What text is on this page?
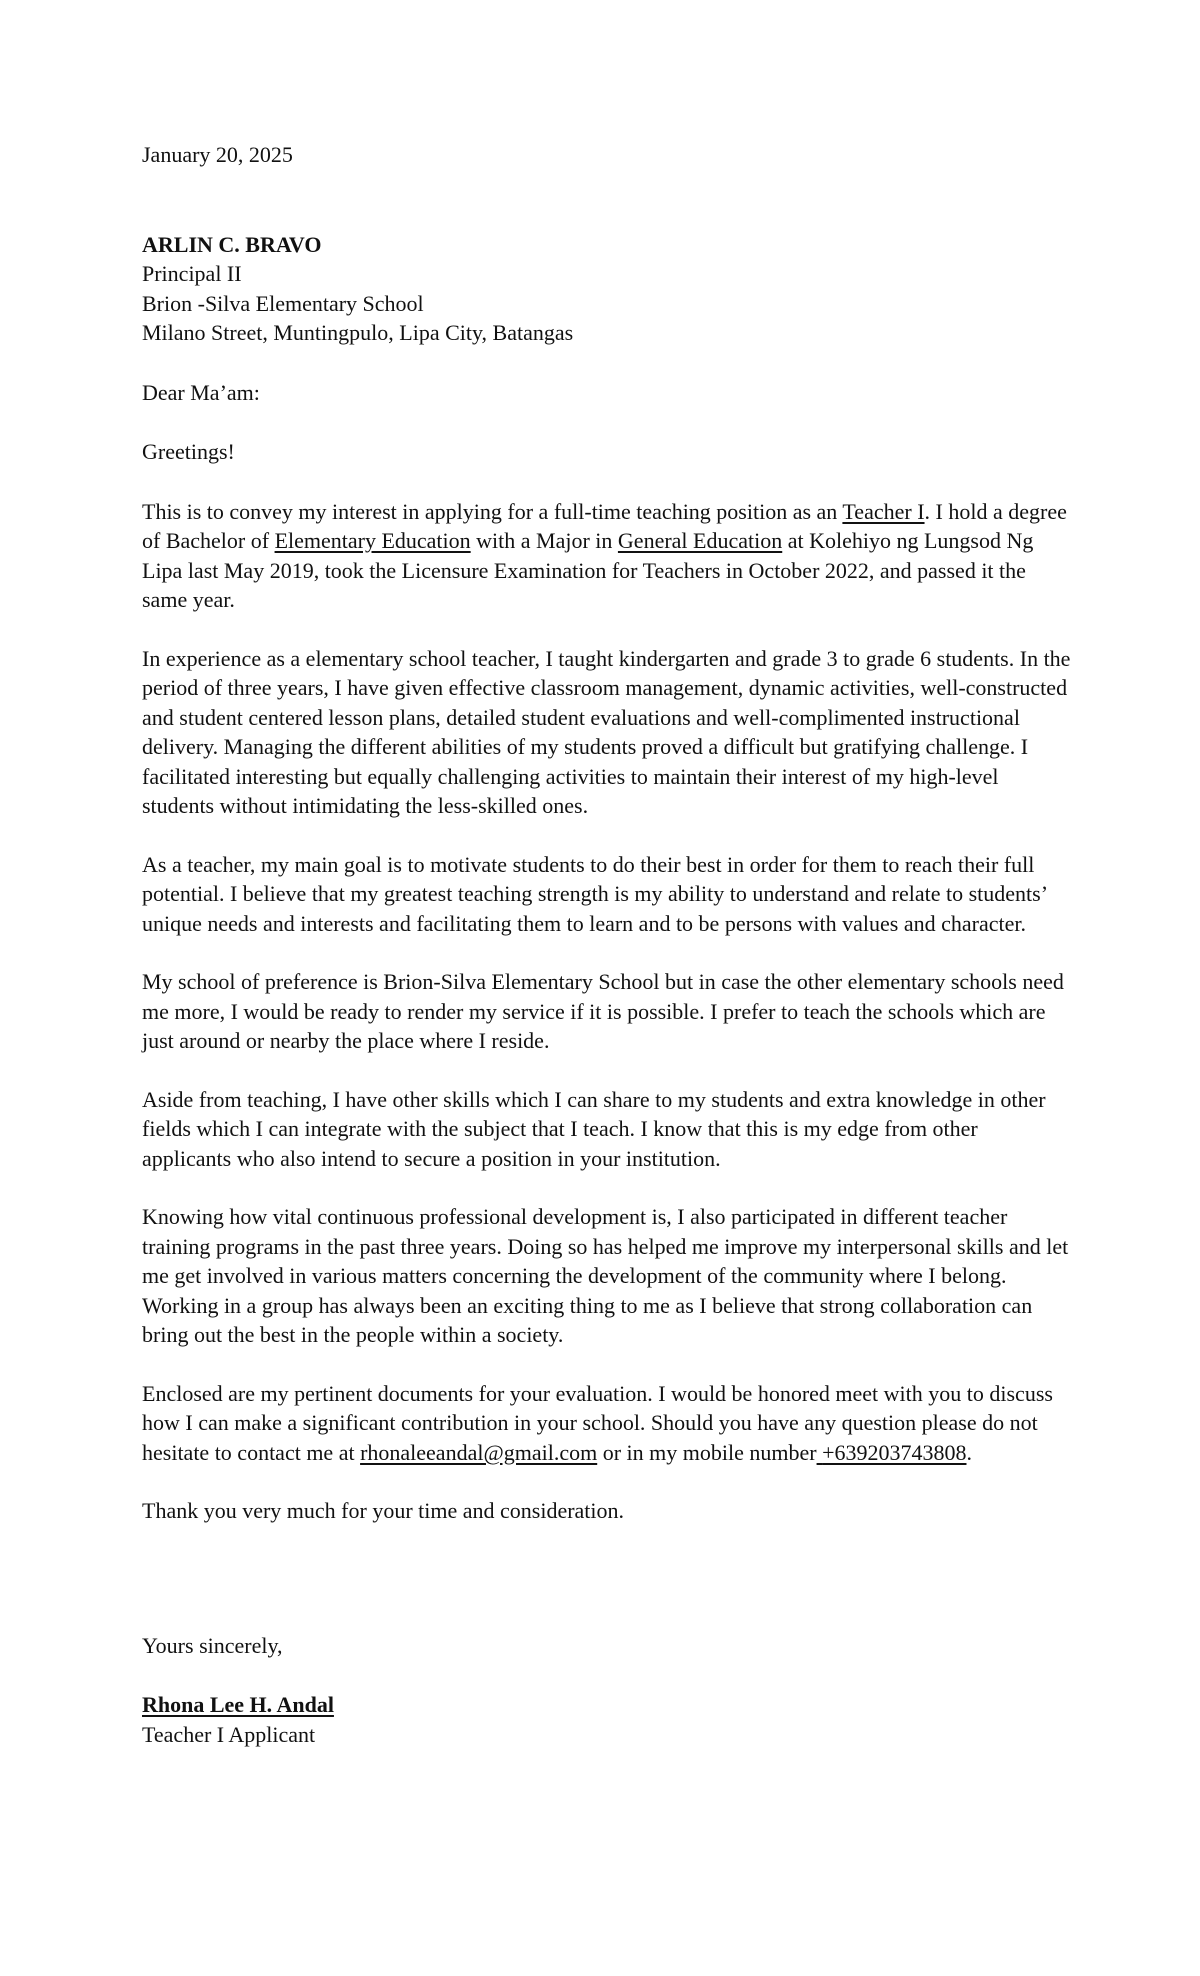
January 20, 2025
ARLIN C. BRAVO
Principal II
Brion -Silva Elementary School
Milano Street, Muntingpulo, Lipa City, Batangas
Dear Ma’am:
Greetings!

This is to convey my interest in applying for a full-time teaching position as an Teacher I. I hold a degree of Bachelor of Elementary Education with a Major in General Education at Kolehiyo ng Lungsod Ng Lipa last May 2019, took the Licensure Examination for Teachers in October 2022, and passed it the same year.

In experience as a elementary school teacher, I taught kindergarten and grade 3 to grade 6 students. In the period of three years, I have given effective classroom management, dynamic activities, well-constructed and student centered lesson plans, detailed student evaluations and well-complimented instructional delivery. Managing the different abilities of my students proved a difficult but gratifying challenge. I facilitated interesting but equally challenging activities to maintain their interest of my high-level students without intimidating the less-skilled ones.

As a teacher, my main goal is to motivate students to do their best in order for them to reach their full potential. I believe that my greatest teaching strength is my ability to understand and relate to students’ unique needs and interests and facilitating them to learn and to be persons with values and character.

My school of preference is Brion-Silva Elementary School but in case the other elementary schools need me more, I would be ready to render my service if it is possible. I prefer to teach the schools which are just around or nearby the place where I reside.

Aside from teaching, I have other skills which I can share to my students and extra knowledge in other fields which I can integrate with the subject that I teach. I know that this is my edge from other applicants who also intend to secure a position in your institution.

Knowing how vital continuous professional development is, I also participated in different teacher training programs in the past three years. Doing so has helped me improve my interpersonal skills and let me get involved in various matters concerning the development of the community where I belong. Working in a group has always been an exciting thing to me as I believe that strong collaboration can bring out the best in the people within a society.

Enclosed are my pertinent documents for your evaluation. I would be honored meet with you to discuss how I can make a significant contribution in your school. Should you have any question please do not hesitate to contact me at rhonaleeandal@gmail.com or in my mobile number +639203743808.

Thank you very much for your time and consideration.

Yours sincerely,
Rhona Lee H. Andal
Teacher I Applicant
